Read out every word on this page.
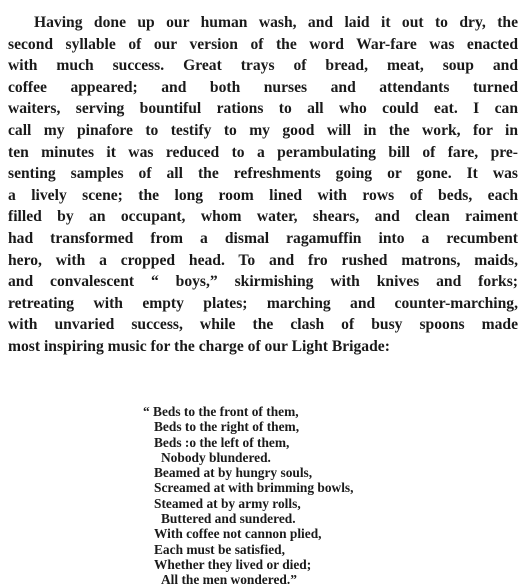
Having done up our human wash, and laid it out to dry, the
second syllable of our version of the word War-fare was enacted
with much success. Great trays of bread, meat, soup and
coffee appeared; and both nurses and attendants turned
waiters, serving bountiful rations to all who could eat. I can
call my pinafore to testify to my good will in the work, for in
ten minutes it was reduced to a perambulating bill of fare, pre-
senting samples of all the refreshments going or gone. It was
a lively scene; the long room lined with rows of beds, each
filled by an occupant, whom water, shears, and clean raiment
had transformed from a dismal ragamuffin into a recumbent
hero, with a cropped head. To and fro rushed matrons, maids,
and convalescent “ boys,” skirmishing with knives and forks;
retreating with empty plates; marching and counter-marching,
with unvaried success, while the clash of busy spoons made
most inspiring music for the charge of our Light Brigade:
“ Beds to the front of them,
Beds to the right of them,
Beds :o the left of them,
Nobody blundered.
Beamed at by hungry souls,
Screamed at with brimming bowls,
Steamed at by army rolls,
Buttered and sundered.
With coffee not cannon plied,
Each must be satisfied,
Whether they lived or died;
All the men wondered.”
